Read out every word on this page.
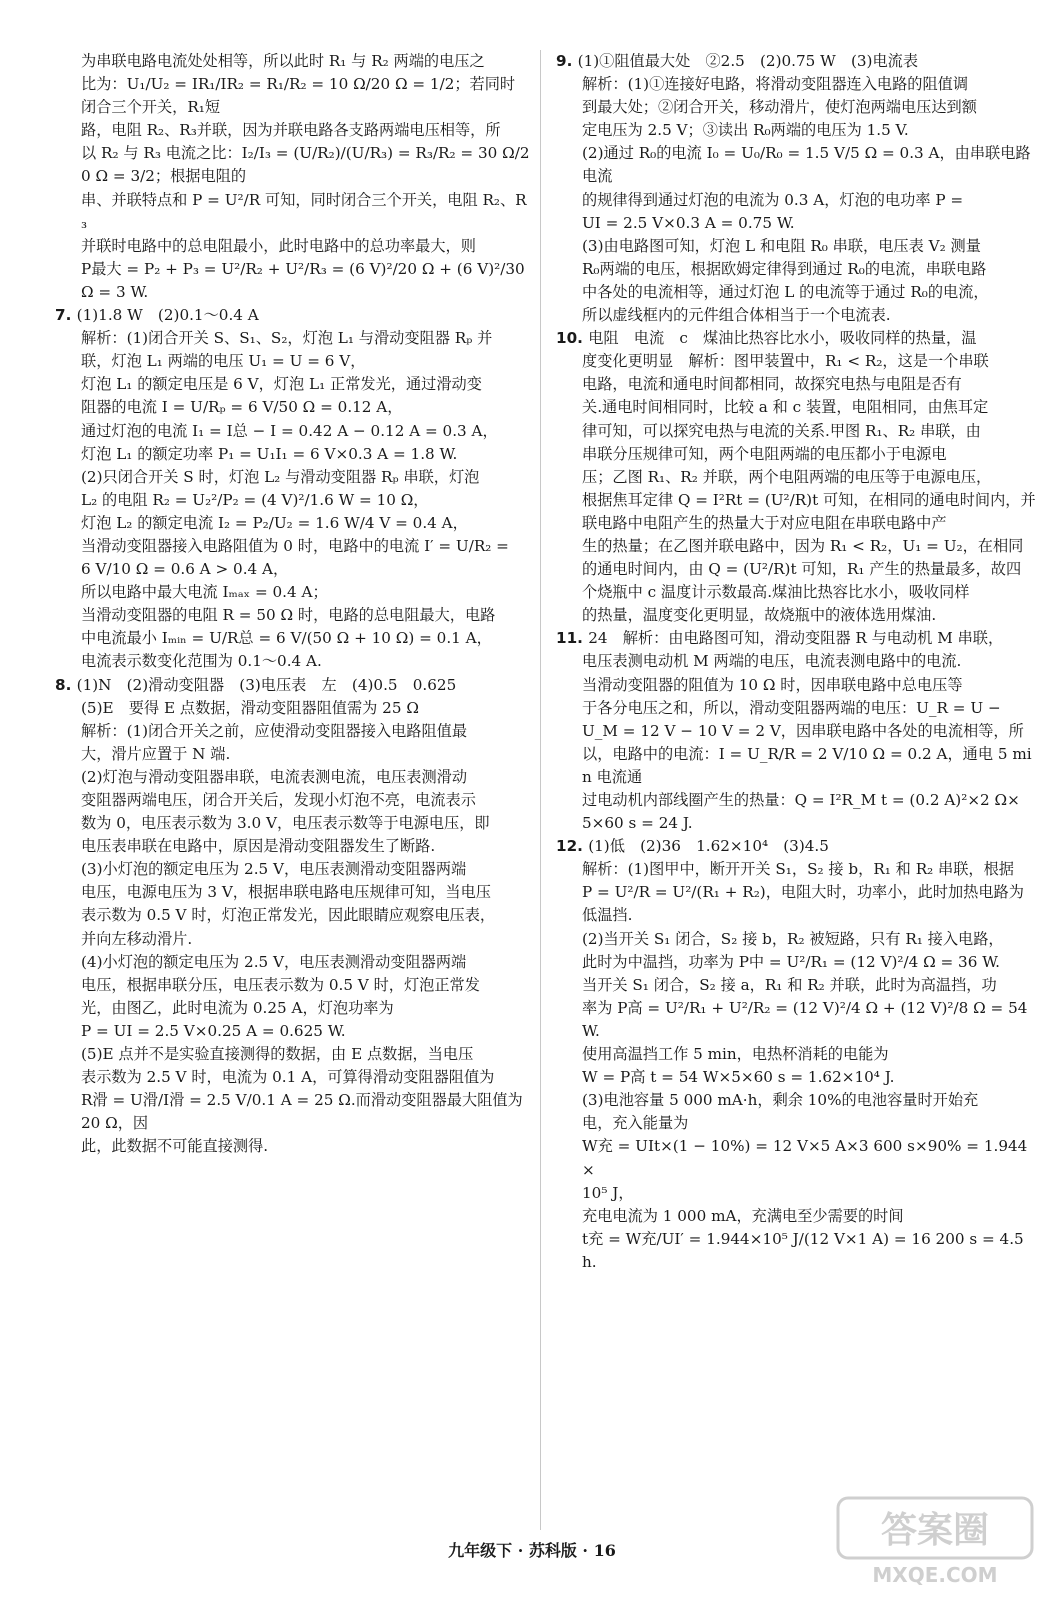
为串联电路电流处处相等，所以此时 R₁ 与 R₂ 两端的电压之

比为：U₁/U₂ = IR₁/IR₂ = R₁/R₂ = 10 Ω/20 Ω = 1/2；若同时闭合三个开关，R₁短

路，电阻 R₂、R₃并联，因为并联电路各支路两端电压相等，所

以 R₂ 与 R₃ 电流之比：I₂/I₃ = (U/R₂)/(U/R₃) = R₃/R₂ = 30 Ω/20 Ω = 3/2；根据电阻的

串、并联特点和 P = U²/R 可知，同时闭合三个开关，电阻 R₂、R₃

并联时电路中的总电阻最小，此时电路中的总功率最大，则

P最大 = P₂ + P₃ = U²/R₂ + U²/R₃ = (6 V)²/20 Ω + (6 V)²/30 Ω = 3 W.

7. (1)1.8 W　(2)0.1～0.4 A

解析：(1)闭合开关 S、S₁、S₂，灯泡 L₁ 与滑动变阻器 Rₚ 并

联，灯泡 L₁ 两端的电压 U₁ = U = 6 V，

灯泡 L₁ 的额定电压是 6 V，灯泡 L₁ 正常发光，通过滑动变

阻器的电流 I = U/Rₚ = 6 V/50 Ω = 0.12 A，

通过灯泡的电流 I₁ = I总 − I = 0.42 A − 0.12 A = 0.3 A，

灯泡 L₁ 的额定功率 P₁ = U₁I₁ = 6 V×0.3 A = 1.8 W.

(2)只闭合开关 S 时，灯泡 L₂ 与滑动变阻器 Rₚ 串联，灯泡

L₂ 的电阻 R₂ = U₂²/P₂ = (4 V)²/1.6 W = 10 Ω，

灯泡 L₂ 的额定电流 I₂ = P₂/U₂ = 1.6 W/4 V = 0.4 A，

当滑动变阻器接入电路阻值为 0 时，电路中的电流 I′ = U/R₂ =

6 V/10 Ω = 0.6 A > 0.4 A，

所以电路中最大电流 Iₘₐₓ = 0.4 A；

当滑动变阻器的电阻 R = 50 Ω 时，电路的总电阻最大，电路

中电流最小 Iₘᵢₙ = U/R总 = 6 V/(50 Ω + 10 Ω) = 0.1 A，

电流表示数变化范围为 0.1～0.4 A.

8. (1)N　(2)滑动变阻器　(3)电压表　左　(4)0.5　0.625

(5)E　要得 E 点数据，滑动变阻器阻值需为 25 Ω

解析：(1)闭合开关之前，应使滑动变阻器接入电路阻值最

大，滑片应置于 N 端.

(2)灯泡与滑动变阻器串联，电流表测电流，电压表测滑动

变阻器两端电压，闭合开关后，发现小灯泡不亮，电流表示

数为 0，电压表示数为 3.0 V，电压表示数等于电源电压，即

电压表串联在电路中，原因是滑动变阻器发生了断路.

(3)小灯泡的额定电压为 2.5 V，电压表测滑动变阻器两端

电压，电源电压为 3 V，根据串联电路电压规律可知，当电压

表示数为 0.5 V 时，灯泡正常发光，因此眼睛应观察电压表，

并向左移动滑片.

(4)小灯泡的额定电压为 2.5 V，电压表测滑动变阻器两端

电压，根据串联分压，电压表示数为 0.5 V 时，灯泡正常发

光，由图乙，此时电流为 0.25 A，灯泡功率为

P = UI = 2.5 V×0.25 A = 0.625 W.

(5)E 点并不是实验直接测得的数据，由 E 点数据，当电压

表示数为 2.5 V 时，电流为 0.1 A，可算得滑动变阻器阻值为

R滑 = U滑/I滑 = 2.5 V/0.1 A = 25 Ω.而滑动变阻器最大阻值为 20 Ω，因

此，此数据不可能直接测得.

9. (1)①阻值最大处　②2.5　(2)0.75 W　(3)电流表

解析：(1)①连接好电路，将滑动变阻器连入电路的阻值调

到最大处；②闭合开关，移动滑片，使灯泡两端电压达到额

定电压为 2.5 V；③读出 R₀两端的电压为 1.5 V.

(2)通过 R₀的电流 I₀ = U₀/R₀ = 1.5 V/5 Ω = 0.3 A，由串联电路电流

的规律得到通过灯泡的电流为 0.3 A，灯泡的电功率 P =

UI = 2.5 V×0.3 A = 0.75 W.

(3)由电路图可知，灯泡 L 和电阻 R₀ 串联，电压表 V₂ 测量

R₀两端的电压，根据欧姆定律得到通过 R₀的电流，串联电路

中各处的电流相等，通过灯泡 L 的电流等于通过 R₀的电流，

所以虚线框内的元件组合体相当于一个电流表.

10. 电阻　电流　c　煤油比热容比水小，吸收同样的热量，温

度变化更明显　解析：图甲装置中，R₁ < R₂，这是一个串联

电路，电流和通电时间都相同，故探究电热与电阻是否有

关.通电时间相同时，比较 a 和 c 装置，电阻相同，由焦耳定

律可知，可以探究电热与电流的关系.甲图 R₁、R₂ 串联，由

串联分压规律可知，两个电阻两端的电压都小于电源电

压；乙图 R₁、R₂ 并联，两个电阻两端的电压等于电源电压，

根据焦耳定律 Q = I²Rt = (U²/R)t 可知，在相同的通电时间内，并

联电路中电阻产生的热量大于对应电阻在串联电路中产

生的热量；在乙图并联电路中，因为 R₁ < R₂，U₁ = U₂，在相同

的通电时间内，由 Q = (U²/R)t 可知，R₁ 产生的热量最多，故四

个烧瓶中 c 温度计示数最高.煤油比热容比水小，吸收同样

的热量，温度变化更明显，故烧瓶中的液体选用煤油.

11. 24　解析：由电路图可知，滑动变阻器 R 与电动机 M 串联，

电压表测电动机 M 两端的电压，电流表测电路中的电流.

当滑动变阻器的阻值为 10 Ω 时，因串联电路中总电压等

于各分电压之和，所以，滑动变阻器两端的电压：U_R = U −

U_M = 12 V − 10 V = 2 V，因串联电路中各处的电流相等，所

以，电路中的电流：I = U_R/R = 2 V/10 Ω = 0.2 A，通电 5 min 电流通

过电动机内部线圈产生的热量：Q = I²R_M t = (0.2 A)²×2 Ω×

5×60 s = 24 J.

12. (1)低　(2)36　1.62×10⁴　(3)4.5

解析：(1)图甲中，断开开关 S₁，S₂ 接 b，R₁ 和 R₂ 串联，根据

P = U²/R = U²/(R₁ + R₂)，电阻大时，功率小，此时加热电路为低温挡.

(2)当开关 S₁ 闭合，S₂ 接 b，R₂ 被短路，只有 R₁ 接入电路，

此时为中温挡，功率为 P中 = U²/R₁ = (12 V)²/4 Ω = 36 W.

当开关 S₁ 闭合，S₂ 接 a，R₁ 和 R₂ 并联，此时为高温挡，功

率为 P高 = U²/R₁ + U²/R₂ = (12 V)²/4 Ω + (12 V)²/8 Ω = 54 W.

使用高温挡工作 5 min，电热杯消耗的电能为

W = P高 t = 54 W×5×60 s = 1.62×10⁴ J.

(3)电池容量 5 000 mA·h，剩余 10%的电池容量时开始充

电，充入能量为

W充 = UIt×(1 − 10%) = 12 V×5 A×3 600 s×90% = 1.944×

10⁵ J，

充电电流为 1 000 mA，充满电至少需要的时间

t充 = W充/UI′ = 1.944×10⁵ J/(12 V×1 A) = 16 200 s = 4.5 h.

九年级下 · 苏科版 · 16	答案圈
MXQE.COM
